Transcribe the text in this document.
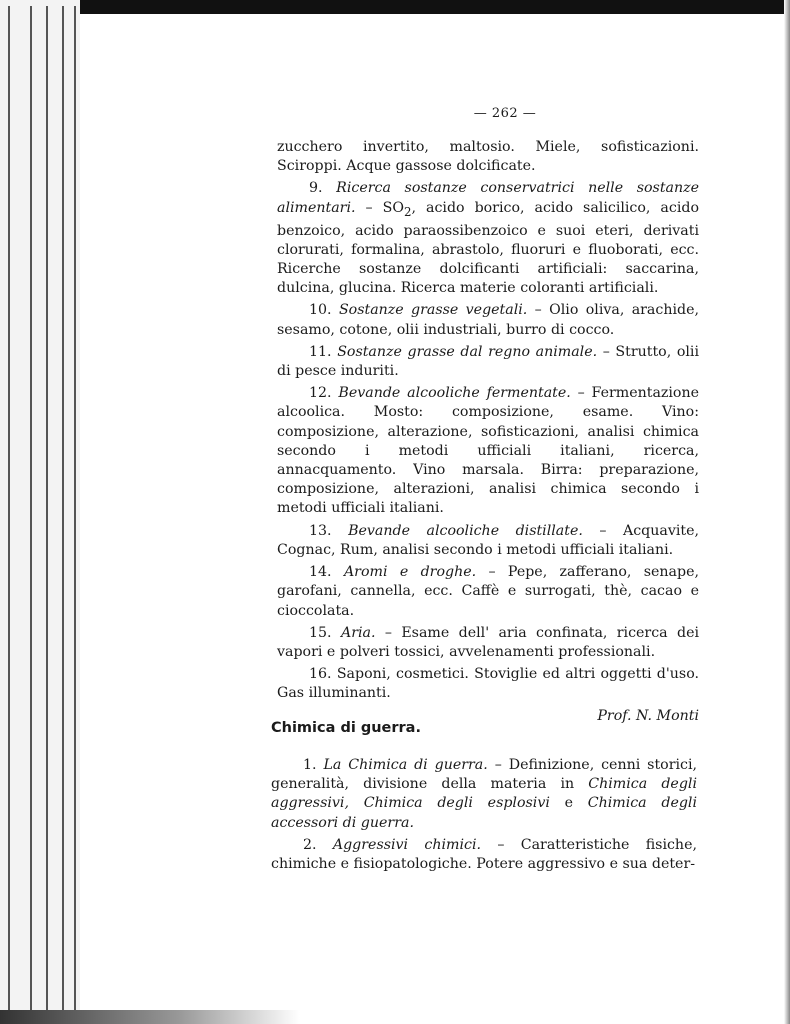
— 262 —

zucchero invertito, maltosio. Miele, sofisticazioni. Sciroppi. Acque gassose dolcificate.

9. Ricerca sostanze conservatrici nelle sostanze alimentari. – $SO_2$, acido borico, acido salicilico, acido benzoico, acido paraossibenzoico e suoi eteri, derivati clorurati, formalina, abrastolo, fluoruri e fluoborati, ecc. Ricerche sostanze dolcificanti artificiali: saccarina, dulcina, glucina. Ricerca materie coloranti artificiali.

10. Sostanze grasse vegetali. – Olio oliva, arachide, sesamo, cotone, olii industriali, burro di cocco.

11. Sostanze grasse dal regno animale. – Strutto, olii di pesce induriti.

12. Bevande alcooliche fermentate. – Fermentazione alcoolica. Mosto: composizione, esame. Vino: composizione, alterazione, sofisticazioni, analisi chimica secondo i metodi ufficiali italiani, ricerca, annacquamento. Vino marsala. Birra: preparazione, composizione, alterazioni, analisi chimica secondo i metodi ufficiali italiani.

13. Bevande alcooliche distillate. – Acquavite, Cognac, Rum, analisi secondo i metodi ufficiali italiani.

14. Aromi e droghe. – Pepe, zafferano, senape, garofani, cannella, ecc. Caffè e surrogati, thè, cacao e cioccolata.

15. Aria. – Esame dell' aria confinata, ricerca dei vapori e polveri tossici, avvelenamenti professionali.

16. Saponi, cosmetici. Stoviglie ed altri oggetti d'uso. Gas illuminanti.

Prof. N. Monti

Chimica di guerra.

1. La Chimica di guerra. – Definizione, cenni storici, generalità, divisione della materia in Chimica degli aggressivi, Chimica degli esplosivi e Chimica degli accessori di guerra.

2. Aggressivi chimici. – Caratteristiche fisiche, chimiche e fisiopatologiche. Potere aggressivo e sua deter-
